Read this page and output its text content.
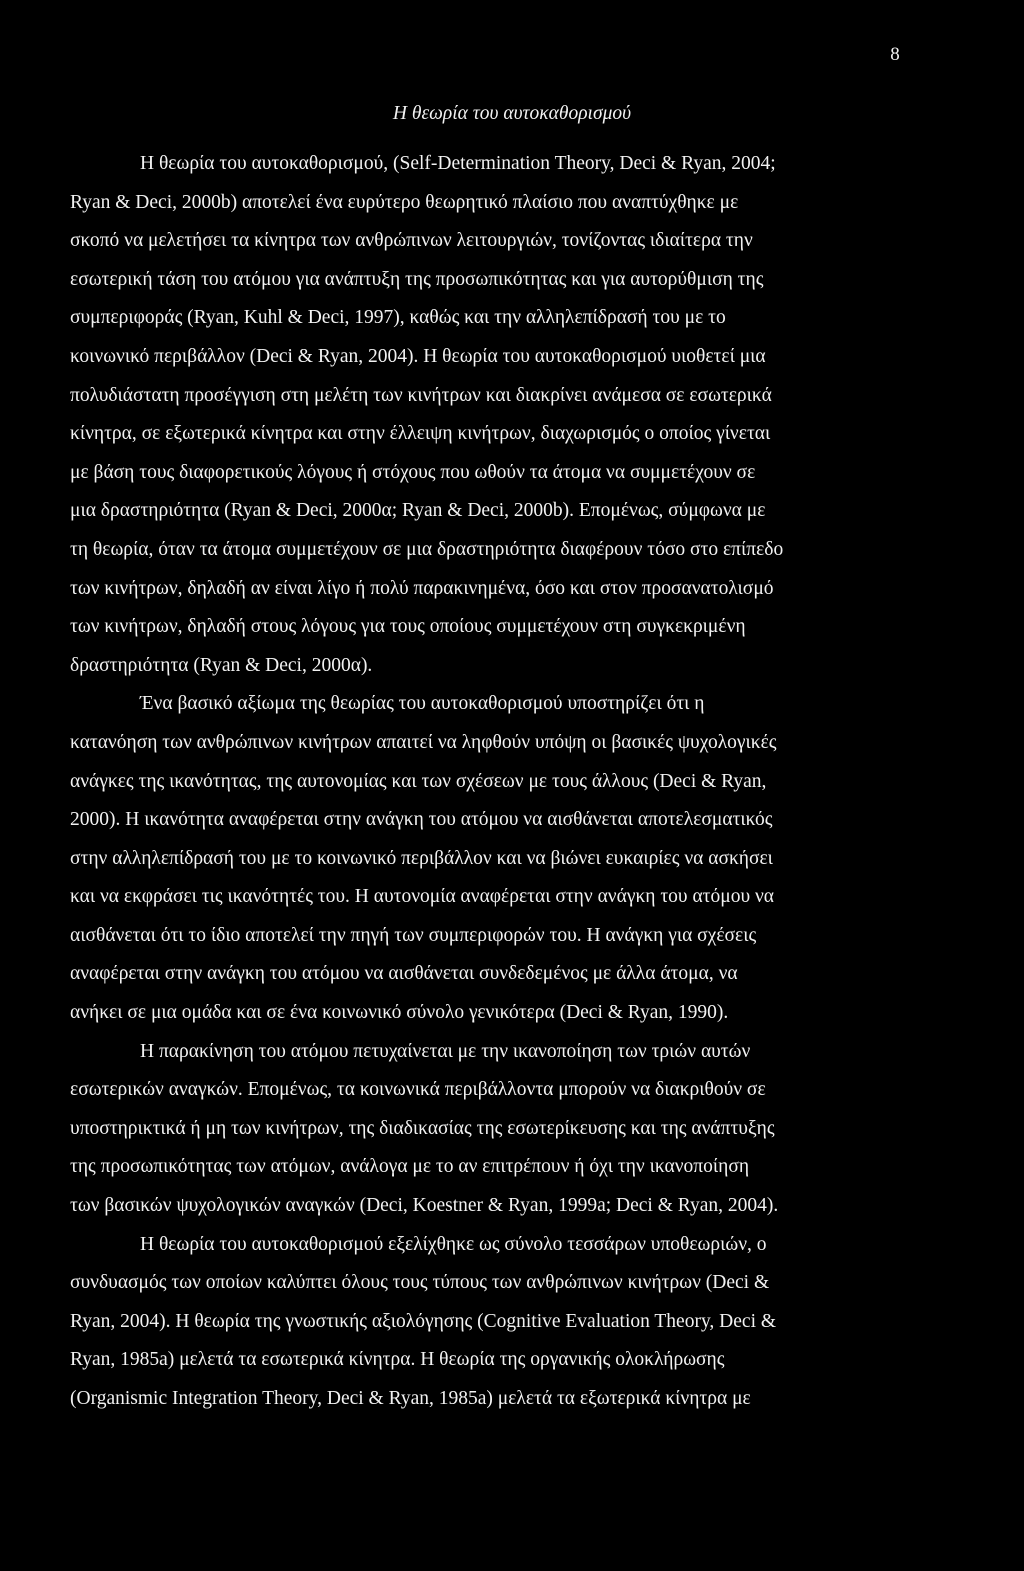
8
Η θεωρία του αυτοκαθορισμού
Η θεωρία του αυτοκαθορισμού, (Self-Determination Theory, Deci & Ryan, 2004;
Ryan & Deci, 2000b) αποτελεί ένα ευρύτερο θεωρητικό πλαίσιο που αναπτύχθηκε με
σκοπό να μελετήσει τα κίνητρα των ανθρώπινων λειτουργιών, τονίζοντας ιδιαίτερα την
εσωτερική τάση του ατόμου για ανάπτυξη της προσωπικότητας και για αυτορύθμιση της
συμπεριφοράς (Ryan, Kuhl & Deci, 1997), καθώς και την αλληλεπίδρασή του με το
κοινωνικό περιβάλλον (Deci & Ryan, 2004). Η θεωρία του αυτοκαθορισμού υιοθετεί μια
πολυδιάστατη προσέγγιση στη μελέτη των κινήτρων και διακρίνει ανάμεσα σε εσωτερικά
κίνητρα, σε εξωτερικά κίνητρα και στην έλλειψη κινήτρων, διαχωρισμός ο οποίος γίνεται
με βάση τους διαφορετικούς λόγους ή στόχους που ωθούν τα άτομα να συμμετέχουν σε
μια δραστηριότητα (Ryan & Deci, 2000α; Ryan & Deci, 2000b). Επομένως, σύμφωνα με
τη θεωρία, όταν τα άτομα συμμετέχουν σε μια δραστηριότητα διαφέρουν τόσο στο επίπεδο
των κινήτρων, δηλαδή αν είναι λίγο ή πολύ παρακινημένα, όσο και στον προσανατολισμό
των κινήτρων, δηλαδή στους λόγους για τους οποίους συμμετέχουν στη συγκεκριμένη
δραστηριότητα (Ryan & Deci, 2000α).
Ένα βασικό αξίωμα της θεωρίας του αυτοκαθορισμού υποστηρίζει ότι η
κατανόηση των ανθρώπινων κινήτρων απαιτεί να ληφθούν υπόψη οι βασικές ψυχολογικές
ανάγκες της ικανότητας, της αυτονομίας και των σχέσεων με τους άλλους (Deci & Ryan,
2000). Η ικανότητα αναφέρεται στην ανάγκη του ατόμου να αισθάνεται αποτελεσματικός
στην αλληλεπίδρασή του με το κοινωνικό περιβάλλον και να βιώνει ευκαιρίες να ασκήσει
και να εκφράσει τις ικανότητές του. Η αυτονομία αναφέρεται στην ανάγκη του ατόμου να
αισθάνεται ότι το ίδιο αποτελεί την πηγή των συμπεριφορών του. Η ανάγκη για σχέσεις
αναφέρεται στην ανάγκη του ατόμου να αισθάνεται συνδεδεμένος με άλλα άτομα, να
ανήκει σε μια ομάδα και σε ένα κοινωνικό σύνολο γενικότερα (Deci & Ryan, 1990).
Η παρακίνηση του ατόμου πετυχαίνεται με την ικανοποίηση των τριών αυτών
εσωτερικών αναγκών. Επομένως, τα κοινωνικά περιβάλλοντα μπορούν να διακριθούν σε
υποστηρικτικά ή μη των κινήτρων, της διαδικασίας της εσωτερίκευσης και της ανάπτυξης
της προσωπικότητας των ατόμων, ανάλογα με το αν επιτρέπουν ή όχι την ικανοποίηση
των βασικών ψυχολογικών αναγκών (Deci, Koestner & Ryan, 1999a; Deci & Ryan, 2004).
Η θεωρία του αυτοκαθορισμού εξελίχθηκε ως σύνολο τεσσάρων υποθεωριών, ο
συνδυασμός των οποίων καλύπτει όλους τους τύπους των ανθρώπινων κινήτρων (Deci &
Ryan, 2004). Η θεωρία της γνωστικής αξιολόγησης (Cognitive Evaluation Theory, Deci &
Ryan, 1985a) μελετά τα εσωτερικά κίνητρα. Η θεωρία της οργανικής ολοκλήρωσης
(Organismic Integration Theory, Deci & Ryan, 1985a) μελετά τα εξωτερικά κίνητρα με
